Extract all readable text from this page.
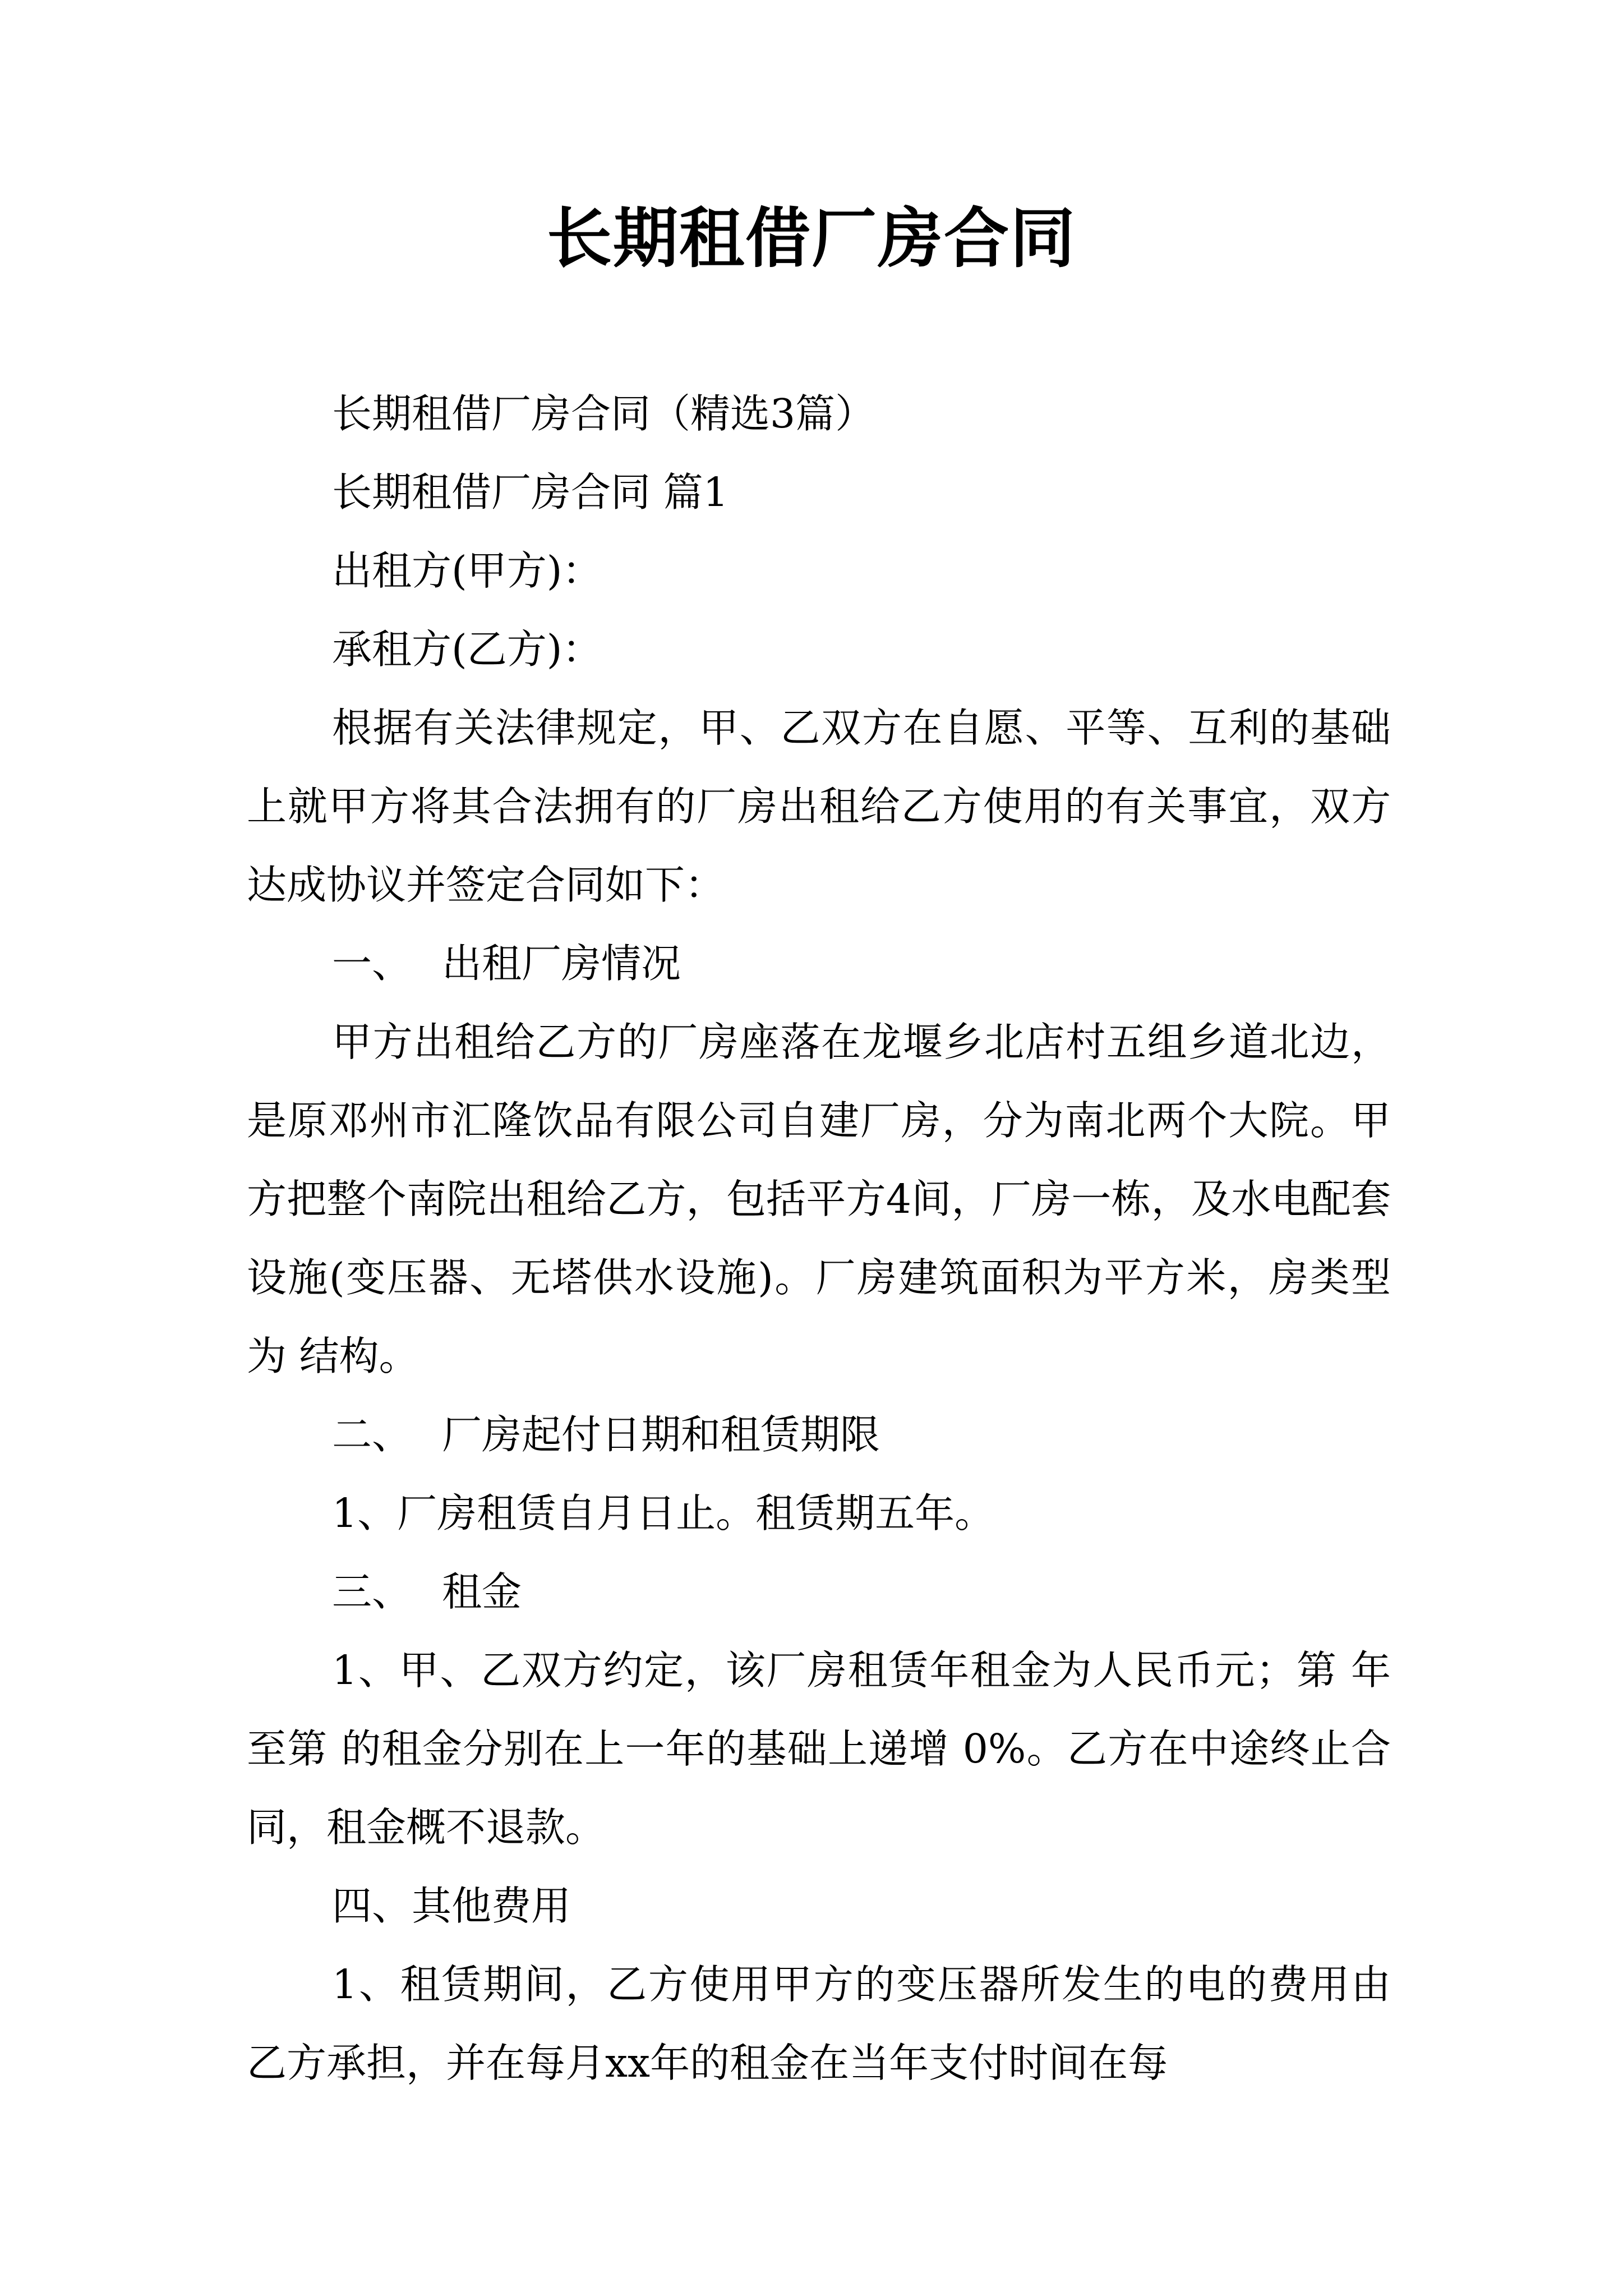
长期租借厂房合同

长期租借厂房合同（精选3篇）

长期租借厂房合同 篇1

出租方(甲方)：

承租方(乙方)：

根据有关法律规定，甲、乙双方在自愿、平等、互利的基础上就甲方将其合法拥有的厂房出租给乙方使用的有关事宜，双方达成协议并签定合同如下：

一、 出租厂房情况

甲方出租给乙方的厂房座落在龙堰乡北店村五组乡道北边，是原邓州市汇隆饮品有限公司自建厂房，分为南北两个大院。甲方把整个南院出租给乙方，包括平方4间，厂房一栋，及水电配套设施(变压器、无塔供水设施)。厂房建筑面积为平方米，房类型为 结构。

二、 厂房起付日期和租赁期限

1、厂房租赁自月日止。租赁期五年。

三、 租金

1、甲、乙双方约定，该厂房租赁年租金为人民币元；第 年至第 的租金分别在上一年的基础上递增 0%。乙方在中途终止合同，租金概不退款。

四、其他费用

1、租赁期间，乙方使用甲方的变压器所发生的电的费用由乙方承担，并在每月xx年的租金在当年支付时间在每
